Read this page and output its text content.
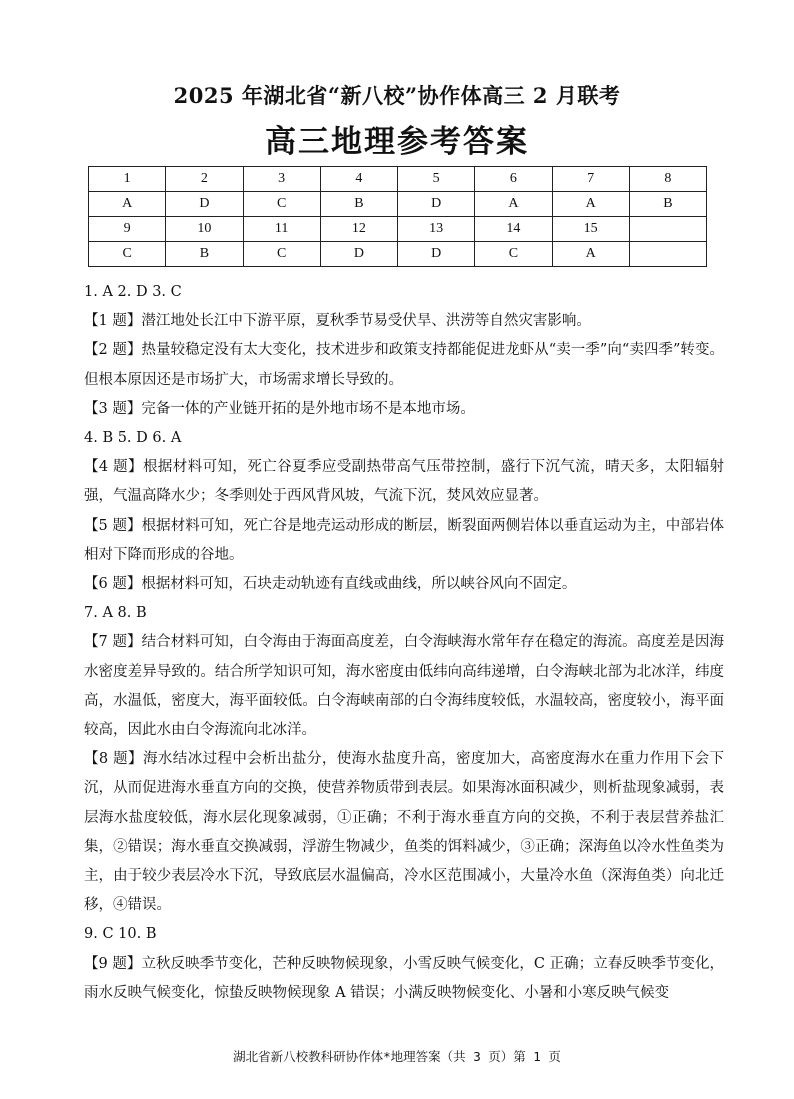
2025 年湖北省“新八校”协作体高三 2 月联考
高三地理参考答案
1	2	3	4	5	6	7	8
A	D	C	B	D	A	A	B
9	10	11	12	13	14	15	
C	B	C	D	D	C	A	

1. A 2. D 3. C

【1 题】潜江地处长江中下游平原，夏秋季节易受伏旱、洪涝等自然灾害影响。

【2 题】热量较稳定没有太大变化，技术进步和政策支持都能促进龙虾从“卖一季”向“卖四季”转变。但根本原因还是市场扩大，市场需求增长导致的。

【3 题】完备一体的产业链开拓的是外地市场不是本地市场。

4. B 5. D 6. A

【4 题】根据材料可知，死亡谷夏季应受副热带高气压带控制，盛行下沉气流，晴天多，太阳辐射强，气温高降水少；冬季则处于西风背风坡，气流下沉，焚风效应显著。

【5 题】根据材料可知，死亡谷是地壳运动形成的断层，断裂面两侧岩体以垂直运动为主，中部岩体相对下降而形成的谷地。

【6 题】根据材料可知，石块走动轨迹有直线或曲线，所以峡谷风向不固定。

7. A 8. B

【7 题】结合材料可知，白令海由于海面高度差，白令海峡海水常年存在稳定的海流。高度差是因海水密度差异导致的。结合所学知识可知，海水密度由低纬向高纬递增，白令海峡北部为北冰洋，纬度高，水温低，密度大，海平面较低。白令海峡南部的白令海纬度较低，水温较高，密度较小，海平面较高，因此水由白令海流向北冰洋。

【8 题】海水结冰过程中会析出盐分，使海水盐度升高，密度加大，高密度海水在重力作用下会下沉，从而促进海水垂直方向的交换，使营养物质带到表层。如果海冰面积减少，则析盐现象减弱，表层海水盐度较低，海水层化现象减弱，①正确；不利于海水垂直方向的交换，不利于表层营养盐汇集，②错误；海水垂直交换减弱，浮游生物减少，鱼类的饵料减少，③正确；深海鱼以冷水性鱼类为主，由于较少表层冷水下沉，导致底层水温偏高，冷水区范围减小，大量冷水鱼（深海鱼类）向北迁移，④错误。

9. C 10. B

【9 题】立秋反映季节变化，芒种反映物候现象，小雪反映气候变化，C 正确；立春反映季节变化，雨水反映气候变化，惊蛰反映物候现象 A 错误；小满反映物候变化、小暑和小寒反映气候变

湖北省新八校教科研协作体*地理答案（共 3 页）第 1 页
